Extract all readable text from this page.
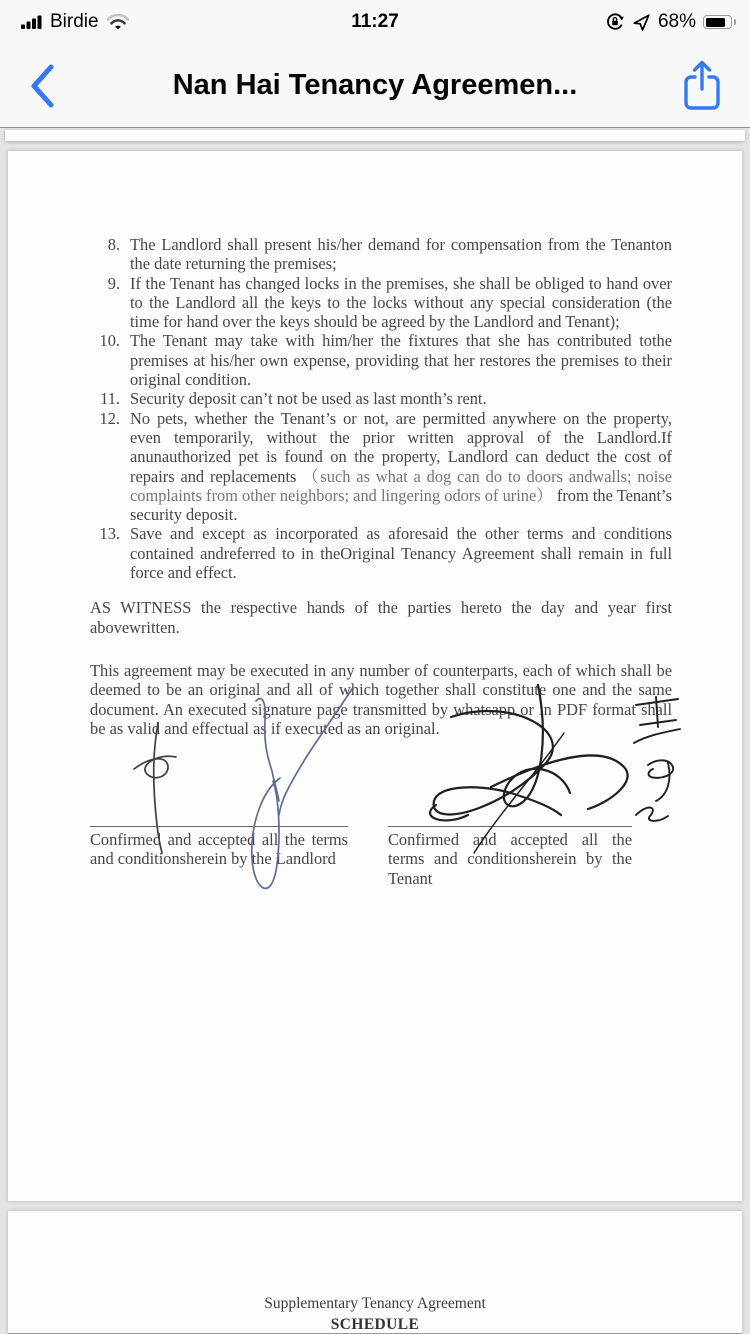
Birdie	11:27	68%
Nan Hai Tenancy Agreemen...
8. The Landlord shall present his/her demand for compensation from the Tenanton the date returning the premises;
9. If the Tenant has changed locks in the premises, she shall be obliged to hand over to the Landlord all the keys to the locks without any special consideration (the time for hand over the keys should be agreed by the Landlord and Tenant);
10. The Tenant may take with him/her the fixtures that she has contributed tothe premises at his/her own expense, providing that her restores the premises to their original condition.
11. Security deposit can’t not be used as last month’s rent.
12. No pets, whether the Tenant’s or not, are permitted anywhere on the property, even temporarily, without the prior written approval of the Landlord.If anunauthorized pet is found on the property, Landlord can deduct the cost of repairs and replacements （such as what a dog can do to doors andwalls; noise complaints from other neighbors; and lingering odors of urine） from the Tenant’s security deposit.
13. Save and except as incorporated as aforesaid the other terms and conditions contained andreferred to in theOriginal Tenancy Agreement shall remain in full force and effect.

AS WITNESS the respective hands of the parties hereto the day and year first abovewritten.

This agreement may be executed in any number of counterparts, each of which shall be deemed to be an original and all of which together shall constitute one and the same document. An executed signature page transmitted by whatsapp or in PDF format shall be as valid and effectual as if executed as an original.

Confirmed and accepted all the terms and conditionsherein by the Landlord
Confirmed and accepted all the terms and conditionsherein by the Tenant
Supplementary Tenancy Agreement
SCHEDULE
